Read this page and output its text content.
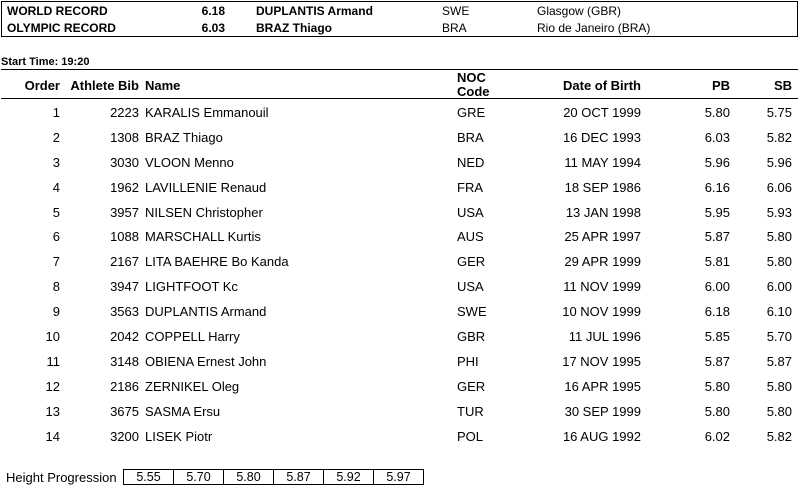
WORLD RECORD	6.18	DUPLANTIS Armand	SWE	Glasgow (GBR)
OLYMPIC RECORD	6.03	BRAZ Thiago	BRA	Rio de Janeiro (BRA)
Start Time: 19:20
Order Athlete Bib Name
NOC
Code	Date of Birth	PB	SB
1	2223 KARALIS Emmanouil	GRE	20 OCT 1999	5.80	5.75
2	1308 BRAZ Thiago	BRA	16 DEC 1993	6.03	5.82
3	3030 VLOON Menno	NED	11 MAY 1994	5.96	5.96
4	1962 LAVILLENIE Renaud	FRA	18 SEP 1986	6.16	6.06
5	3957 NILSEN Christopher	USA	13 JAN 1998	5.95	5.93
6	1088 MARSCHALL Kurtis	AUS	25 APR 1997	5.87	5.80
7	2167 LITA BAEHRE Bo Kanda	GER	29 APR 1999	5.81	5.80
8	3947 LIGHTFOOT Kc	USA	11 NOV 1999	6.00	6.00
9	3563 DUPLANTIS Armand	SWE	10 NOV 1999	6.18	6.10
10	2042 COPPELL Harry	GBR	11 JUL 1996	5.85	5.70
11	3148 OBIENA Ernest John	PHI	17 NOV 1995	5.87	5.87
12	2186 ZERNIKEL Oleg	GER	16 APR 1995	5.80	5.80
13	3675 SASMA Ersu	TUR	30 SEP 1999	5.80	5.80
14	3200 LISEK Piotr	POL	16 AUG 1992	6.02	5.82
Height Progression	5.55	5.70	5.80	5.87	5.92	5.97
